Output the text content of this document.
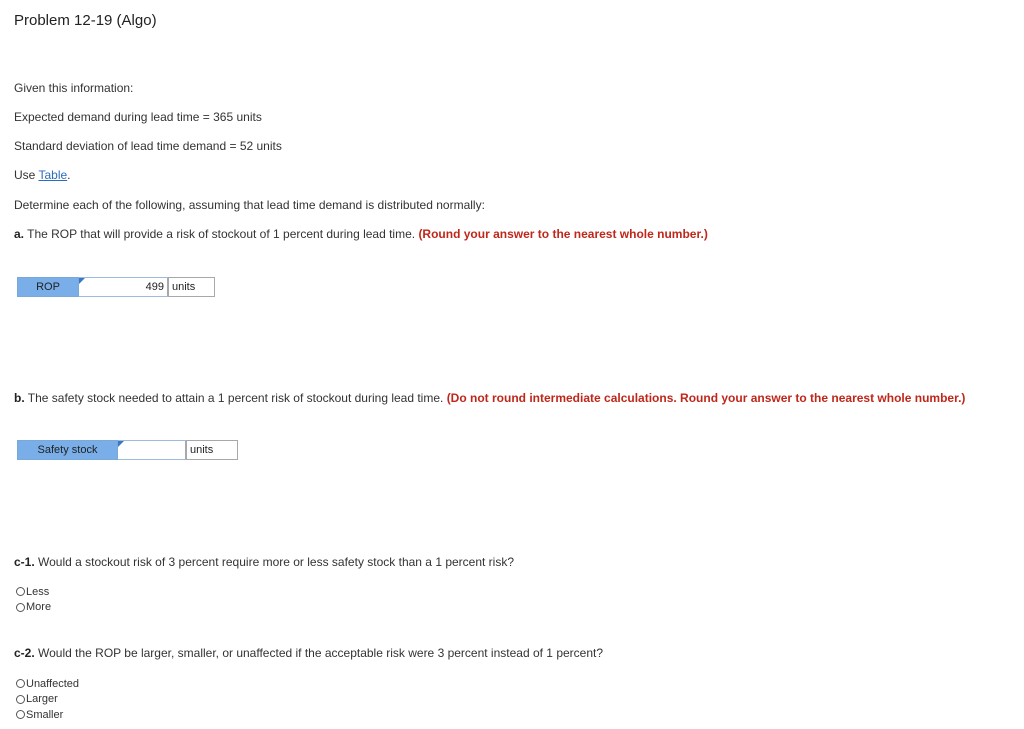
Problem 12-19 (Algo)
Given this information:
Expected demand during lead time = 365 units
Standard deviation of lead time demand = 52 units
Use Table.
Determine each of the following, assuming that lead time demand is distributed normally:
a. The ROP that will provide a risk of stockout of 1 percent during lead time. (Round your answer to the nearest whole number.)
ROP	499 units
b. The safety stock needed to attain a 1 percent risk of stockout during lead time. (Do not round intermediate calculations. Round your answer to the nearest whole number.)
Safety stock	units
c-1. Would a stockout risk of 3 percent require more or less safety stock than a 1 percent risk?
Less
More
c-2. Would the ROP be larger, smaller, or unaffected if the acceptable risk were 3 percent instead of 1 percent?
Unaffected
Larger
Smaller
